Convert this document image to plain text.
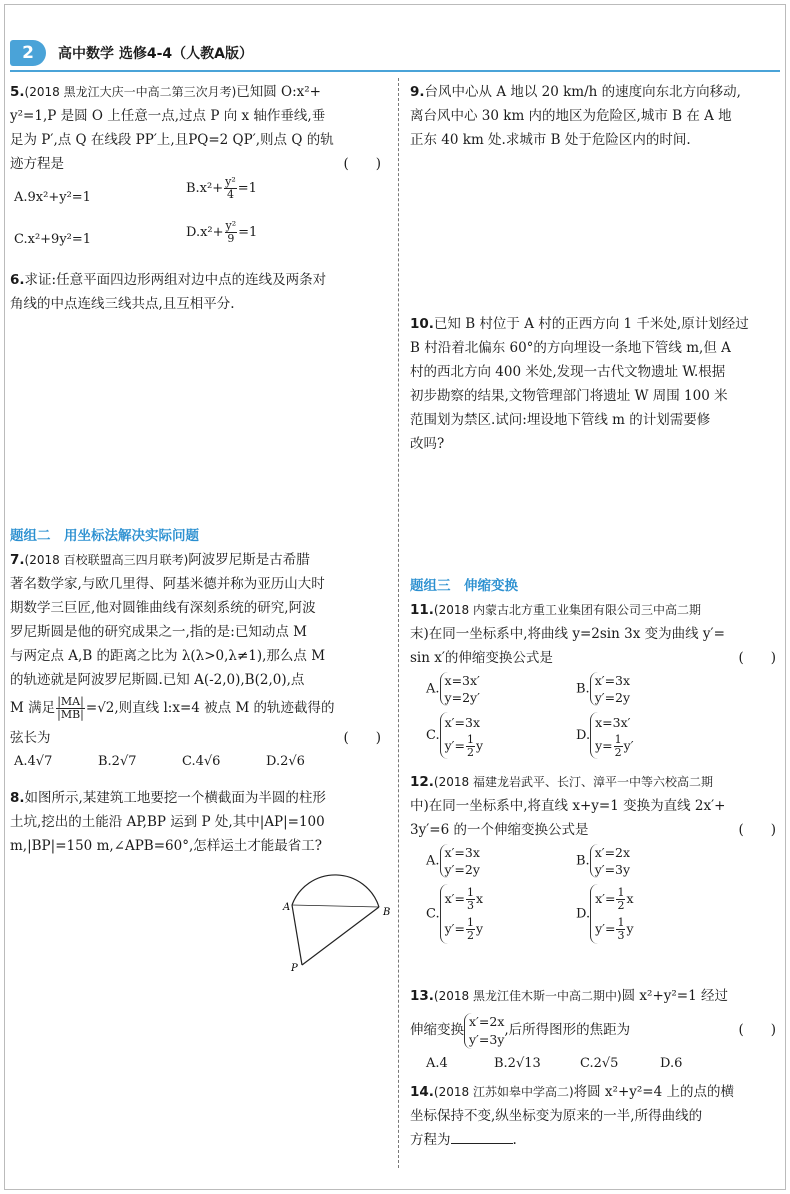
2	高中数学 选修4-4（人教A版）
5.(2018 黑龙江大庆一中高二第三次月考)已知圆 O:x²+
y²=1,P 是圆 O 上任意一点,过点 P 向 x 轴作垂线,垂
足为 P′,点 Q 在线段 PP′上,且PQ=2 QP′,则点 Q 的轨
迹方程是	(　　)
A.9x²+y²=1
$B.x^2+ \frac{\text{y²}}{4} =1$
C.x²+9y²=1	$D.x^2+ \frac{\text{y²}}{9} =1$
6.求证:任意平面四边形两组对边中点的连线及两条对
角线的中点连线三线共点,且互相平分.
题组二　用坐标法解决实际问题
7.(2018 百校联盟高三四月联考)阿波罗尼斯是古希腊
著名数学家,与欧几里得、阿基米德并称为亚历山大时
期数学三巨匠,他对圆锥曲线有深刻系统的研究,阿波
罗尼斯圆是他的研究成果之一,指的是:已知动点 M
与两定点 A,B 的距离之比为 λ(λ>0,λ≠1),那么点 M
的轨迹就是阿波罗尼斯圆.已知 A(-2,0),B(2,0),点
M 满足 $\frac{|MA|}{|MB|} =√2$,则直线 l:x=4 被点 M 的轨迹截得的
弦长为	(　　)
A.4√7	B.2√7	C.4√6	D.2√6
8.如图所示,某建筑工地要挖一个横截面为半圆的柱形
土坑,挖出的土能沿 AP,BP 运到 P 处,其中|AP|=100
m,|BP|=150 m,∠APB=60°,怎样运土才能最省工?
A	B
P
9.台风中心从 A 地以 20 km/h 的速度向东北方向移动,
离台风中心 30 km 内的地区为危险区,城市 B 在 A 地
正东 40 km 处.求城市 B 处于危险区内的时间.
10.已知 B 村位于 A 村的正西方向 1 千米处,原计划经过
B 村沿着北偏东 60°的方向埋设一条地下管线 m,但 A
村的西北方向 400 米处,发现一古代文物遗址 W.根据
初步勘察的结果,文物管理部门将遗址 W 周围 100 米
范围划为禁区.试问:埋设地下管线 m 的计划需要修
改吗?
题组三　伸缩变换
11.(2018 内蒙古北方重工业集团有限公司三中高二期
末)在同一坐标系中,将曲线 y=2sin 3x 变为曲线 y′=
sin x′的伸缩变换公式是	(　　)
A.x=3x′
y=2y′
B.x′=3x
y′=2y
C.x′=3x
$y'= \frac{1}{2}$ y
D.x=3x′
$y= \frac{1}{2} y'$
12.(2018 福建龙岩武平、长汀、漳平一中等六校高二期
中)在同一坐标系中,将直线 x+y=1 变换为直线 2x′+
3y′=6 的一个伸缩变换公式是	(　　)
A.x′=3x
y′=2y
B.x′=2x
y′=3y
$C.x'= \frac{1}{3}$ x
$y'= \frac{1}{2}$ y
$D.x'= \frac{1}{2}$ x
$y'= \frac{1}{3}$ y
13.(2018 黑龙江佳木斯一中高二期中)圆 x²+y²=1 经过
伸缩变换x′=2x
y′=3y,后所得图形的焦距为	(　　)
A.4	B.2√13	C.2√5	D.6
14.(2018 江苏如皋中学高二)将圆 x²+y²=4 上的点的横
坐标保持不变,纵坐标变为原来的一半,所得曲线的
方程为	.
